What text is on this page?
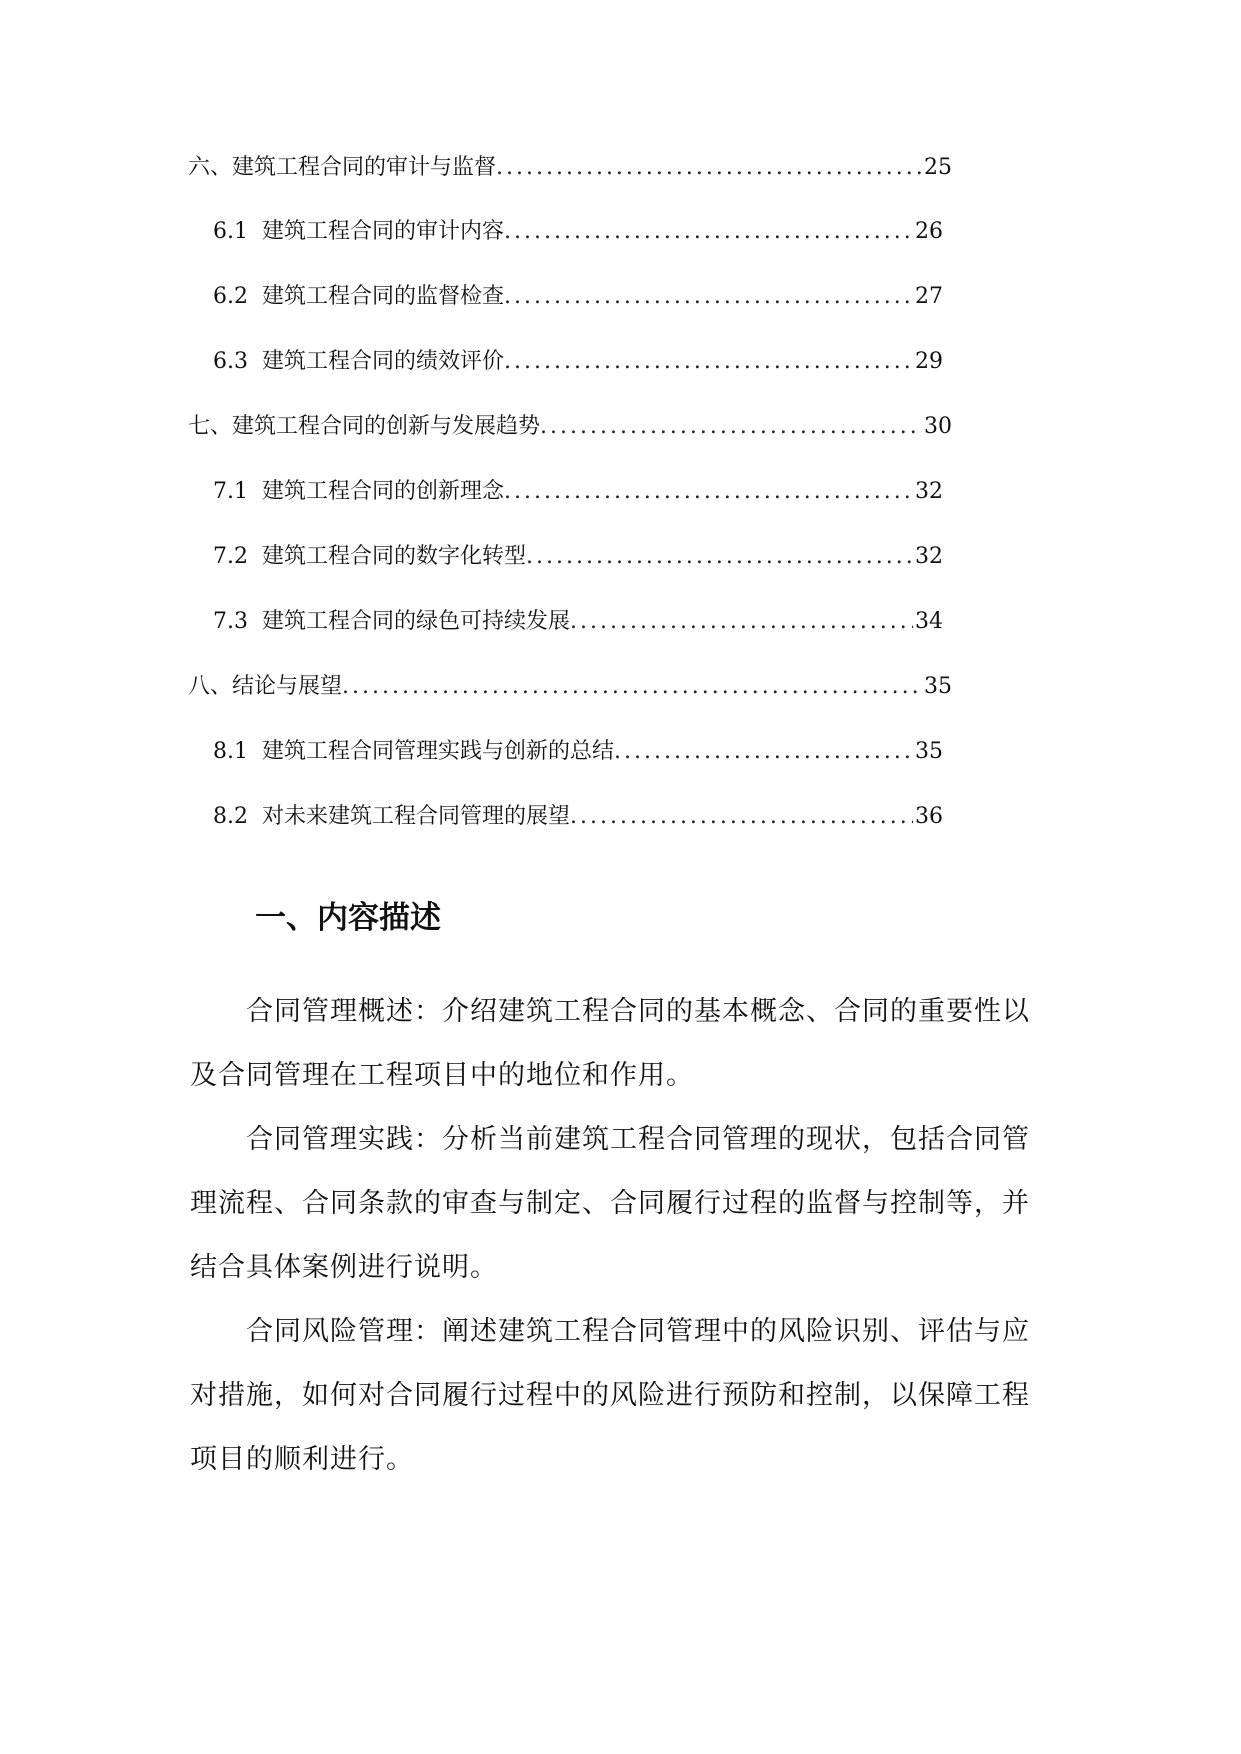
六、建筑工程合同的审计与监督 .....	25
6.1 建筑工程合同的审计内容 .....	26
6.2 建筑工程合同的监督检查 .....	27
6.3 建筑工程合同的绩效评价 .....	29
七、建筑工程合同的创新与发展趋势 .....	30
7.1 建筑工程合同的创新理念 .....	32
7.2 建筑工程合同的数字化转型 .....	32
7.3 建筑工程合同的绿色可持续发展 .....	34
八、结论与展望 .....	35
8.1 建筑工程合同管理实践与创新的总结 .....	35
8.2 对未来建筑工程合同管理的展望 .....	36
一、内容描述

合同管理概述：介绍建筑工程合同的基本概念、合同的重要性以及合同管理在工程项目中的地位和作用。

合同管理实践：分析当前建筑工程合同管理的现状，包括合同管理流程、合同条款的审查与制定、合同履行过程的监督与控制等，并结合具体案例进行说明。

合同风险管理：阐述建筑工程合同管理中的风险识别、评估与应对措施，如何对合同履行过程中的风险进行预防和控制，以保障工程项目的顺利进行。
